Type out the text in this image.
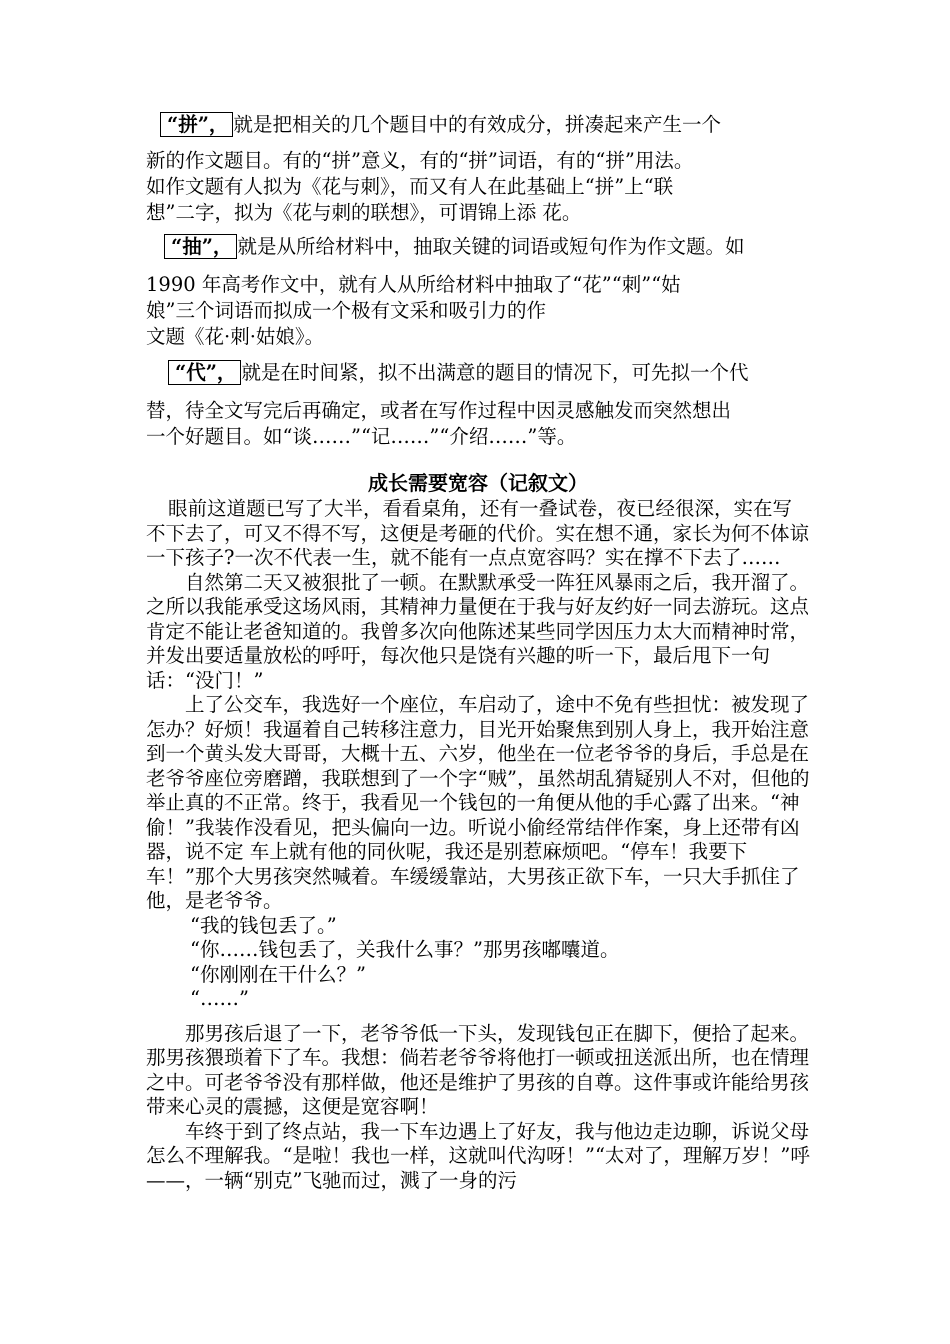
“拼”， 就是把相关的几个题目中的有效成分，拼凑起来产生一个
新的作文题目。有的“拼”意义，有的“拼”词语，有的“拼”用法。
如作文题有人拟为《花与刺》，而又有人在此基础上“拼”上“联
想”二字，拟为《花与刺的联想》，可谓锦上添 花。
“抽”， 就是从所给材料中，抽取关键的词语或短句作为作文题。如
1990 年高考作文中，就有人从所给材料中抽取了“花”“刺”“姑
娘”三个词语而拟成一个极有文采和吸引力的作
文题《花·刺·姑娘》。
“代”， 就是在时间紧，拟不出满意的题目的情况下，可先拟一个代
替，待全文写完后再确定，或者在写作过程中因灵感触发而突然想出
一个好题目。如“谈……”“记……”“介绍……”等。
成长需要宽容（记叙文）

眼前这道题已写了大半，看看桌角，还有一叠试卷，夜已经很深，实在写不下去了，可又不得不写，这便是考砸的代价。实在想不通，家长为何不体谅一下孩子?一次不代表一生，就不能有一点点宽容吗？实在撑不下去了……

自然第二天又被狠批了一顿。在默默承受一阵狂风暴雨之后，我开溜了。之所以我能承受这场风雨，其精神力量便在于我与好友约好一同去游玩。这点肯定不能让老爸知道的。我曾多次向他陈述某些同学因压力太大而精神时常，并发出要适量放松的呼吁，每次他只是饶有兴趣的听一下，最后甩下一句话：“没门！”

上了公交车，我选好一个座位，车启动了，途中不免有些担忧：被发现了怎办？好烦！我逼着自己转移注意力，目光开始聚焦到别人身上，我开始注意到一个黄头发大哥哥，大概十五、六岁，他坐在一位老爷爷的身后，手总是在老爷爷座位旁磨蹭，我联想到了一个字“贼”，虽然胡乱猜疑别人不对，但他的举止真的不正常。终于，我看见一个钱包的一角便从他的手心露了出来。“神偷！”我装作没看见，把头偏向一边。听说小偷经常结伴作案，身上还带有凶器，说不定 车上就有他的同伙呢，我还是别惹麻烦吧。“停车！我要下车！”那个大男孩突然喊着。车缓缓靠站，大男孩正欲下车，一只大手抓住了他，是老爷爷。

“我的钱包丢了。”

“你……钱包丢了，关我什么事？”那男孩嘟囔道。

“你刚刚在干什么？”

“……”

那男孩后退了一下，老爷爷低一下头，发现钱包正在脚下，便拾了起来。那男孩猥琐着下了车。我想：倘若老爷爷将他打一顿或扭送派出所，也在情理之中。可老爷爷没有那样做，他还是维护了男孩的自尊。这件事或许能给男孩带来心灵的震撼，这便是宽容啊！

车终于到了终点站，我一下车边遇上了好友，我与他边走边聊，诉说父母怎么不理解我。“是啦！我也一样，这就叫代沟呀！”“太对了，理解万岁！”呼——，一辆“别克”飞驰而过，溅了一身的污
